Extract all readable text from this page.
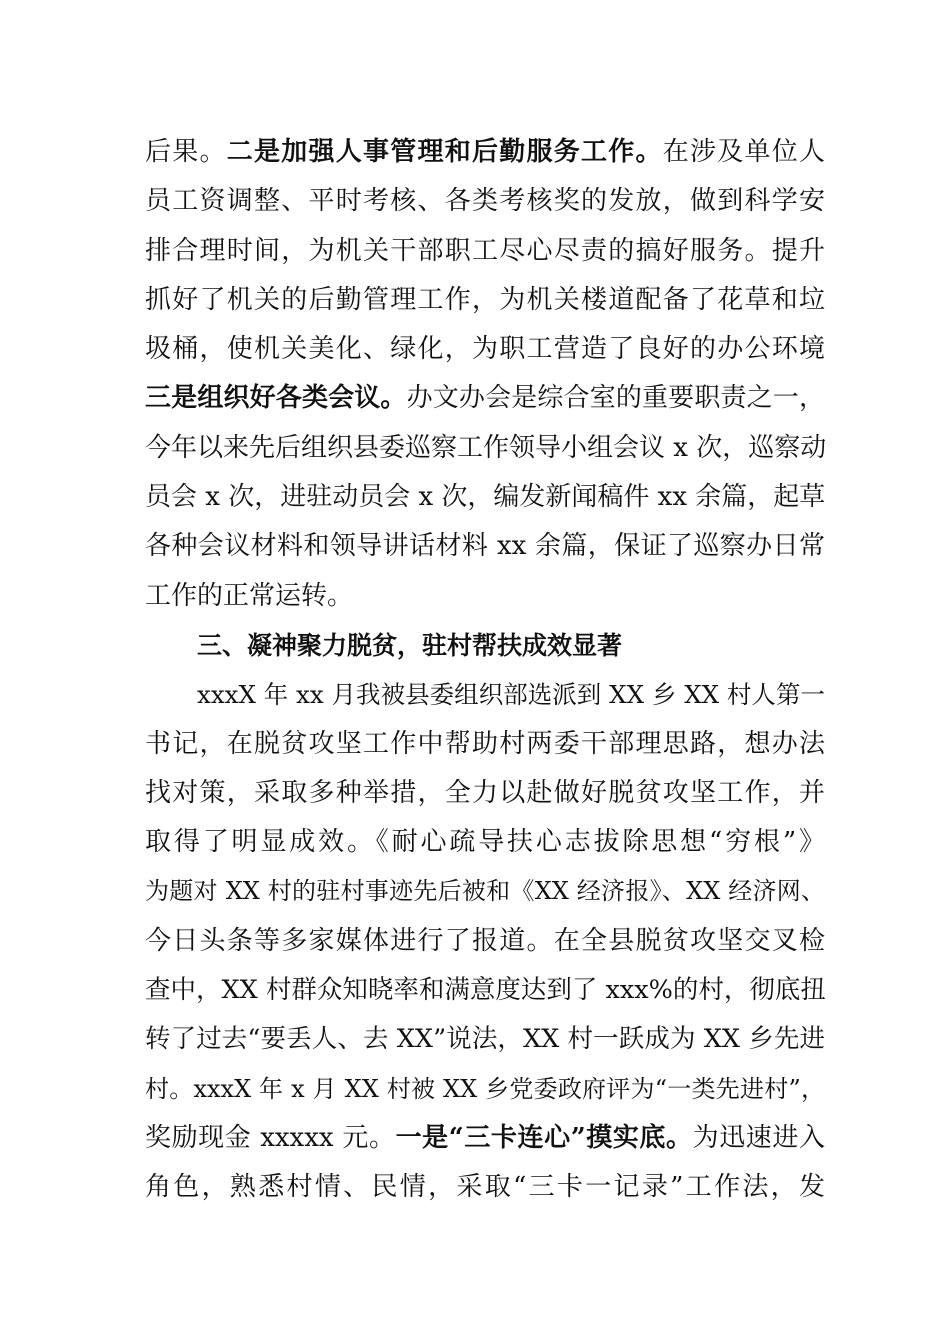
后果。二是加强人事管理和后勤服务工作。在涉及单位人
员工资调整、平时考核、各类考核奖的发放，做到科学安
排合理时间，为机关干部职工尽心尽责的搞好服务。提升
抓好了机关的后勤管理工作，为机关楼道配备了花草和垃
圾桶，使机关美化、绿化，为职工营造了良好的办公环境
三是组织好各类会议。办文办会是综合室的重要职责之一，
今年以来先后组织县委巡察工作领导小组会议 x 次，巡察动
员会 x 次，进驻动员会 x 次，编发新闻稿件 xx 余篇，起草
各种会议材料和领导讲话材料 xx 余篇，保证了巡察办日常
工作的正常运转。
三、凝神聚力脱贫，驻村帮扶成效显著
xxxX 年 xx 月我被县委组织部选派到 XX 乡 XX 村人第一
书记，在脱贫攻坚工作中帮助村两委干部理思路，想办法
找对策，采取多种举措，全力以赴做好脱贫攻坚工作，并
取得了明显成效。《耐心疏导扶心志拔除思想“穷根”》
为题对 XX 村的驻村事迹先后被和《XX 经济报》、XX 经济网、
今日头条等多家媒体进行了报道。在全县脱贫攻坚交叉检
查中，XX 村群众知晓率和满意度达到了 xxx%的村，彻底扭
转了过去“要丢人、去 XX”说法，XX 村一跃成为 XX 乡先进
村。xxxX 年 x 月 XX 村被 XX 乡党委政府评为“一类先进村”，
奖励现金 xxxxx 元。一是“三卡连心”摸实底。为迅速进入
角色，熟悉村情、民情，采取“三卡一记录”工作法，发
